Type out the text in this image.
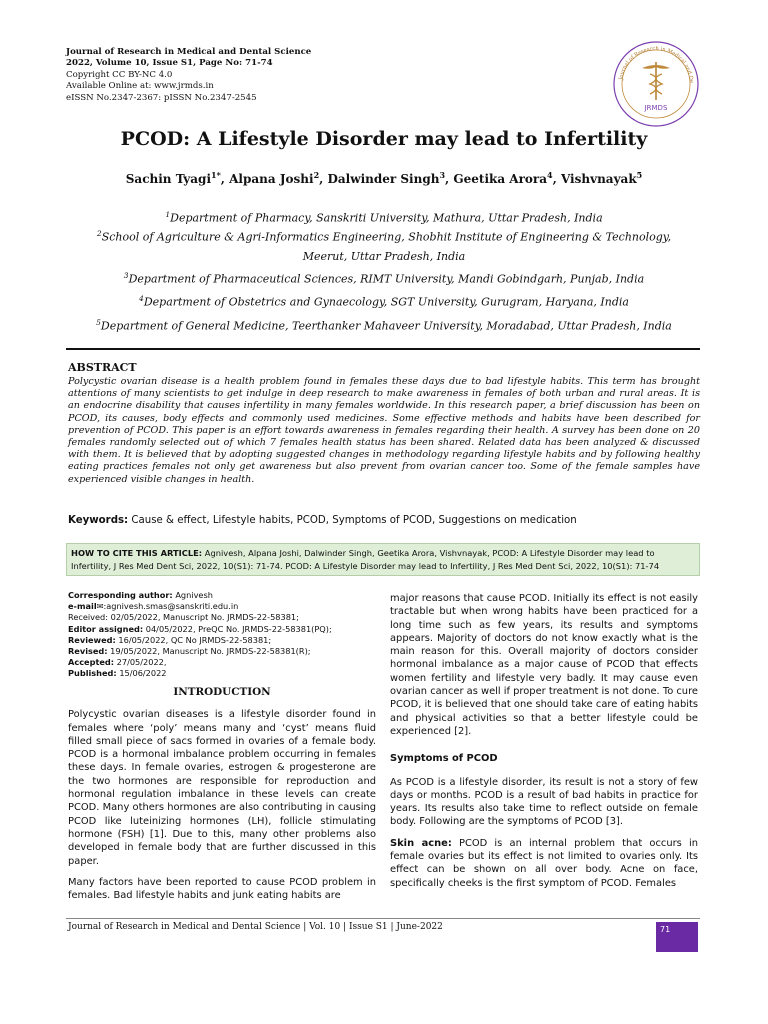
Journal of Research in Medical and Dental Science
2022, Volume 10, Issue S1, Page No: 71-74
Copyright CC BY-NC 4.0
Available Online at: www.jrmds.in
eISSN No.2347-2367: pISSN No.2347-2545
Journal of Research in Medical and De
JRMDS
PCOD: A Lifestyle Disorder may lead to Infertility
Sachin Tyagi$^{1*}$, Alpana Joshi$^2$, Dalwinder Singh$^3$, Geetika Arora$^4$, Vishvnayak$^5$
$^1$Department of Pharmacy, Sanskriti University, Mathura, Uttar Pradesh, India
$^2$School of Agriculture & Agri-Informatics Engineering, Shobhit Institute of Engineering & Technology,
Meerut, Uttar Pradesh, India
$^3$Department of Pharmaceutical Sciences, RIMT University, Mandi Gobindgarh, Punjab, India
$^4$Department of Obstetrics and Gynaecology, SGT University, Gurugram, Haryana, India
$^5$Department of General Medicine, Teerthanker Mahaveer University, Moradabad, Uttar Pradesh, India
ABSTRACT
Polycystic ovarian disease is a health problem found in females these days due to bad lifestyle habits. This term has brought attentions of many scientists to get indulge in deep research to make awareness in females of both urban and rural areas. It is an endocrine disability that causes infertility in many females worldwide. In this research paper, a brief discussion has been on PCOD, its causes, body effects and commonly used medicines. Some effective methods and habits have been described for prevention of PCOD. This paper is an effort towards awareness in females regarding their health. A survey has been done on 20 females randomly selected out of which 7 females health status has been shared. Related data has been analyzed & discussed with them. It is believed that by adopting suggested changes in methodology regarding lifestyle habits and by following healthy eating practices females not only get awareness but also prevent from ovarian cancer too. Some of the female samples have experienced visible changes in health.
Keywords: Cause & effect, Lifestyle habits, PCOD, Symptoms of PCOD, Suggestions on medication
HOW TO CITE THIS ARTICLE: Agnivesh, Alpana Joshi, Dalwinder Singh, Geetika Arora, Vishvnayak, PCOD: A Lifestyle Disorder may lead to Infertility, J Res Med Dent Sci, 2022, 10(S1): 71-74. PCOD: A Lifestyle Disorder may lead to Infertility, J Res Med Dent Sci, 2022, 10(S1): 71-74
Corresponding author: Agnivesh
e-mail✉:agnivesh.smas@sanskriti.edu.in
Received: 02/05/2022, Manuscript No. JRMDS-22-58381;
Editor assigned: 04/05/2022, PreQC No. JRMDS-22-58381(PQ);
Reviewed: 16/05/2022, QC No JRMDS-22-58381;
Revised: 19/05/2022, Manuscript No. JRMDS-22-58381(R);
Accepted: 27/05/2022,
Published: 15/06/2022
INTRODUCTION

Polycystic ovarian diseases is a lifestyle disorder found in females where ‘poly’ means many and ‘cyst’ means fluid filled small piece of sacs formed in ovaries of a female body. PCOD is a hormonal imbalance problem occurring in females these days. In female ovaries, estrogen & progesterone are the two hormones are responsible for reproduction and hormonal regulation imbalance in these levels can create PCOD. Many others hormones are also contributing in causing PCOD like luteinizing hormones (LH), follicle stimulating hormone (FSH) [1]. Due to this, many other problems also developed in female body that are further discussed in this paper.

Many factors have been reported to cause PCOD problem in females. Bad lifestyle habits and junk eating habits are

major reasons that cause PCOD. Initially its effect is not easily tractable but when wrong habits have been practiced for a long time such as few years, its results and symptoms appears. Majority of doctors do not know exactly what is the main reason for this. Overall majority of doctors consider hormonal imbalance as a major cause of PCOD that effects women fertility and lifestyle very badly. It may cause even ovarian cancer as well if proper treatment is not done. To cure PCOD, it is believed that one should take care of eating habits and physical activities so that a better lifestyle could be experienced [2].

Symptoms of PCOD

As PCOD is a lifestyle disorder, its result is not a story of few days or months. PCOD is a result of bad habits in practice for years. Its results also take time to reflect outside on female body. Following are the symptoms of PCOD [3].

Skin acne: PCOD is an internal problem that occurs in female ovaries but its effect is not limited to ovaries only. Its effect can be shown on all over body. Acne on face, specifically cheeks is the first symptom of PCOD. Females

Journal of Research in Medical and Dental Science | Vol. 10 | Issue S1 | June-2022	71
